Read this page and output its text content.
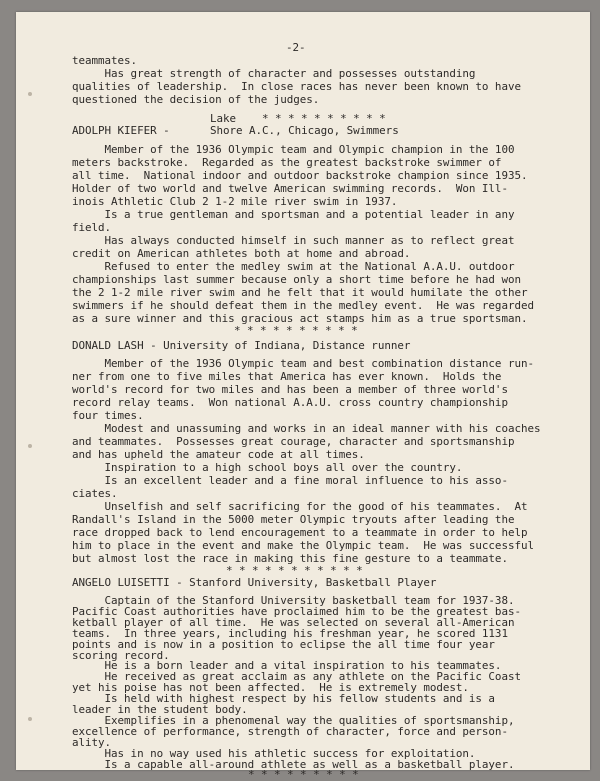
-2-
teammates.
Has great strength of character and possesses outstanding
qualities of leadership.  In close races has never been known to have
questioned the decision of the judges.
Lake * * * * * * * * * *
ADOLPH KIEFER -	Shore A.C., Chicago, Swimmers
Member of the 1936 Olympic team and Olympic champion in the 100
meters backstroke.  Regarded as the greatest backstroke swimmer of
all time.  National indoor and outdoor backstroke champion since 1935.
Holder of two world and twelve American swimming records.  Won Ill-
inois Athletic Club 2 1-2 mile river swim in 1937.
Is a true gentleman and sportsman and a potential leader in any
field.
Has always conducted himself in such manner as to reflect great
credit on American athletes both at home and abroad.
Refused to enter the medley swim at the National A.A.U. outdoor
championships last summer because only a short time before he had won
the 2 1-2 mile river swim and he felt that it would humilate the other
swimmers if he should defeat them in the medley event.  He was regarded
as a sure winner and this gracious act stamps him as a true sportsman.
* * * * * * * * * *
DONALD LASH - University of Indiana, Distance runner
Member of the 1936 Olympic team and best combination distance run-
ner from one to five miles that America has ever known.  Holds the
world's record for two miles and has been a member of three world's
record relay teams.  Won national A.A.U. cross country championship
four times.
Modest and unassuming and works in an ideal manner with his coaches
and teammates.  Possesses great courage, character and sportsmanship
and has upheld the amateur code at all times.
Inspiration to a high school boys all over the country.
Is an excellent leader and a fine moral influence to his asso-
ciates.
Unselfish and self sacrificing for the good of his teammates.  At
Randall's Island in the 5000 meter Olympic tryouts after leading the
race dropped back to lend encouragement to a teammate in order to help
him to place in the event and make the Olympic team.  He was successful
but almost lost the race in making this fine gesture to a teammate.
* * * * * * * * * * *
ANGELO LUISETTI - Stanford University, Basketball Player
Captain of the Stanford University basketball team for 1937-38.
Pacific Coast authorities have proclaimed him to be the greatest bas-
ketball player of all time.  He was selected on several all-American
teams.  In three years, including his freshman year, he scored 1131
points and is now in a position to eclipse the all time four year
scoring record.
He is a born leader and a vital inspiration to his teammates.
He received as great acclaim as any athlete on the Pacific Coast
yet his poise has not been affected.  He is extremely modest.
Is held with highest respect by his fellow students and is a
leader in the student body.
Exemplifies in a phenomenal way the qualities of sportsmanship,
excellence of performance, strength of character, force and person-
ality.
Has in no way used his athletic success for exploitation.
Is a capable all-around athlete as well as a basketball player.
* * * * * * * * *
